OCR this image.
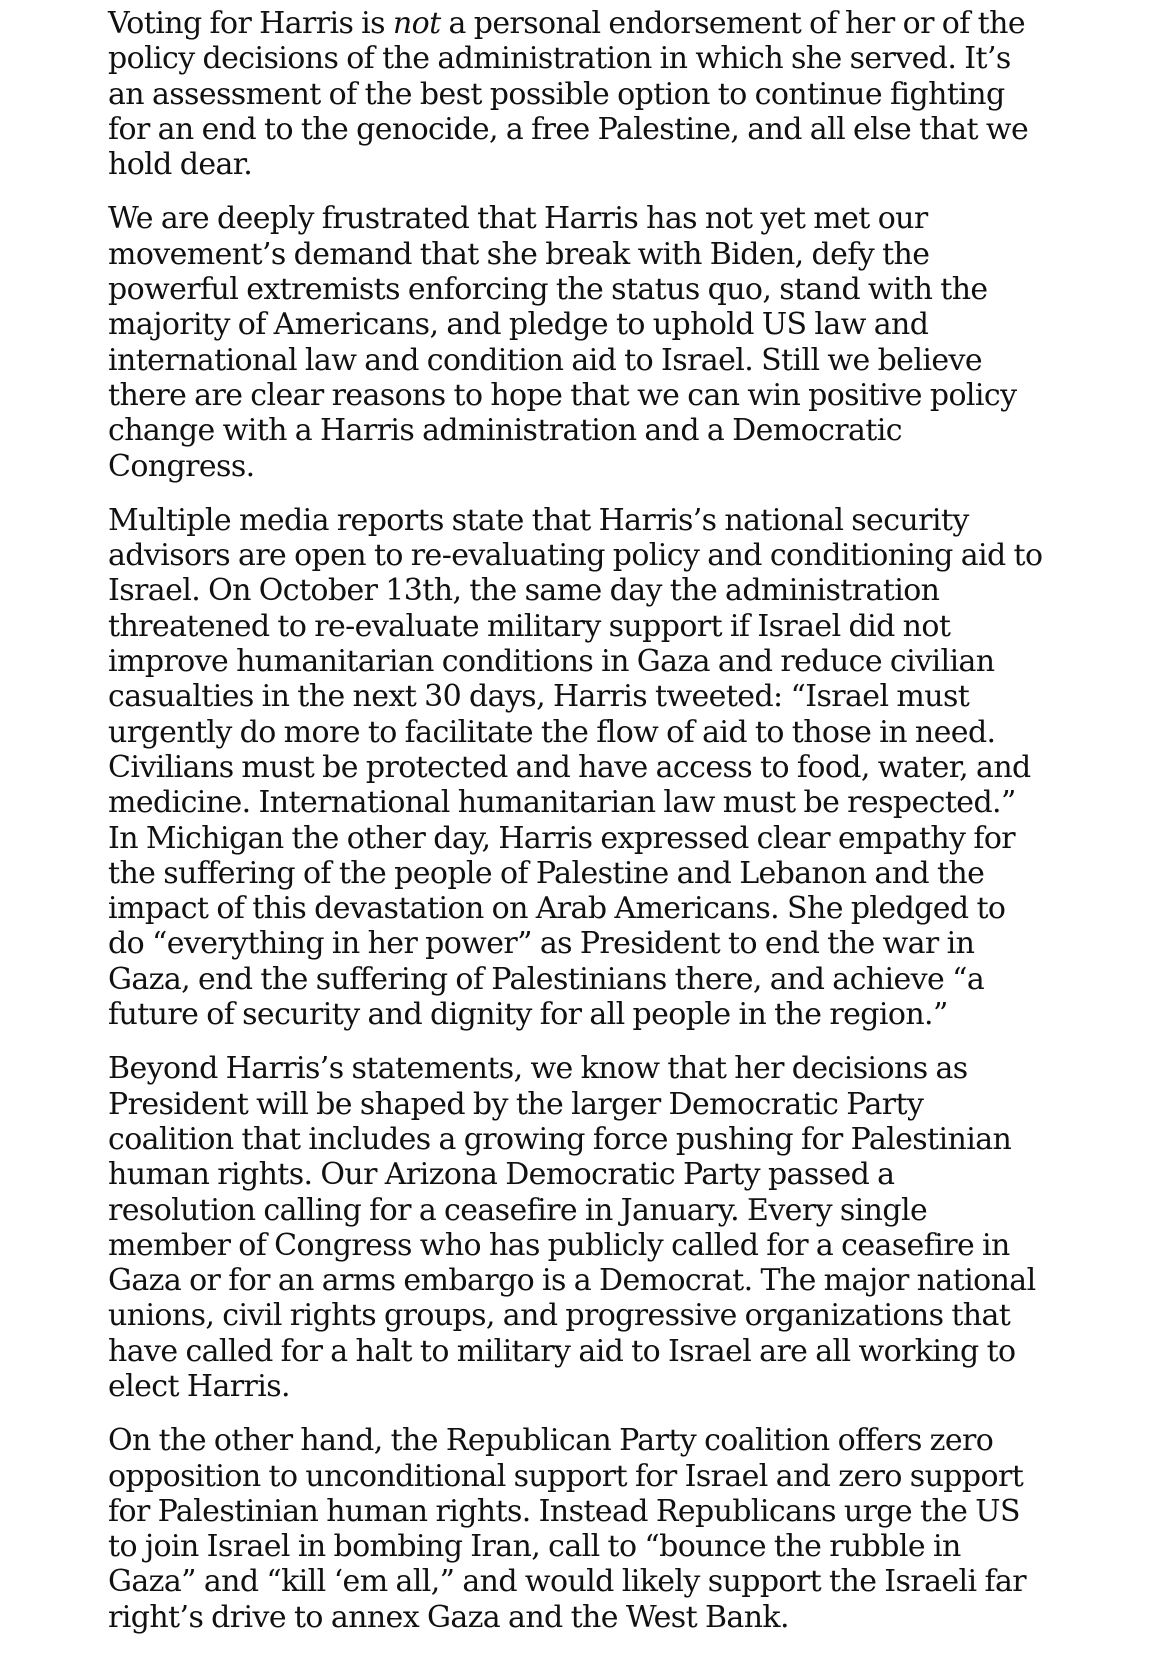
Voting for Harris is not a personal endorsement of her or of the
policy decisions of the administration in which she served. It’s
an assessment of the best possible option to continue fighting
for an end to the genocide, a free Palestine, and all else that we
hold dear.

We are deeply frustrated that Harris has not yet met our
movement’s demand that she break with Biden, defy the
powerful extremists enforcing the status quo, stand with the
majority of Americans, and pledge to uphold US law and
international law and condition aid to Israel. Still we believe
there are clear reasons to hope that we can win positive policy
change with a Harris administration and a Democratic
Congress.

Multiple media reports state that Harris’s national security
advisors are open to re-evaluating policy and conditioning aid to
Israel. On October 13th, the same day the administration
threatened to re-evaluate military support if Israel did not
improve humanitarian conditions in Gaza and reduce civilian
casualties in the next 30 days, Harris tweeted: “Israel must
urgently do more to facilitate the flow of aid to those in need.
Civilians must be protected and have access to food, water, and
medicine. International humanitarian law must be respected.”
In Michigan the other day, Harris expressed clear empathy for
the suffering of the people of Palestine and Lebanon and the
impact of this devastation on Arab Americans. She pledged to
do “everything in her power” as President to end the war in
Gaza, end the suffering of Palestinians there, and achieve “a
future of security and dignity for all people in the region.”

Beyond Harris’s statements, we know that her decisions as
President will be shaped by the larger Democratic Party
coalition that includes a growing force pushing for Palestinian
human rights. Our Arizona Democratic Party passed a
resolution calling for a ceasefire in January. Every single
member of Congress who has publicly called for a ceasefire in
Gaza or for an arms embargo is a Democrat. The major national
unions, civil rights groups, and progressive organizations that
have called for a halt to military aid to Israel are all working to
elect Harris.

On the other hand, the Republican Party coalition offers zero
opposition to unconditional support for Israel and zero support
for Palestinian human rights. Instead Republicans urge the US
to join Israel in bombing Iran, call to “bounce the rubble in
Gaza” and “kill ‘em all,” and would likely support the Israeli far
right’s drive to annex Gaza and the West Bank.
